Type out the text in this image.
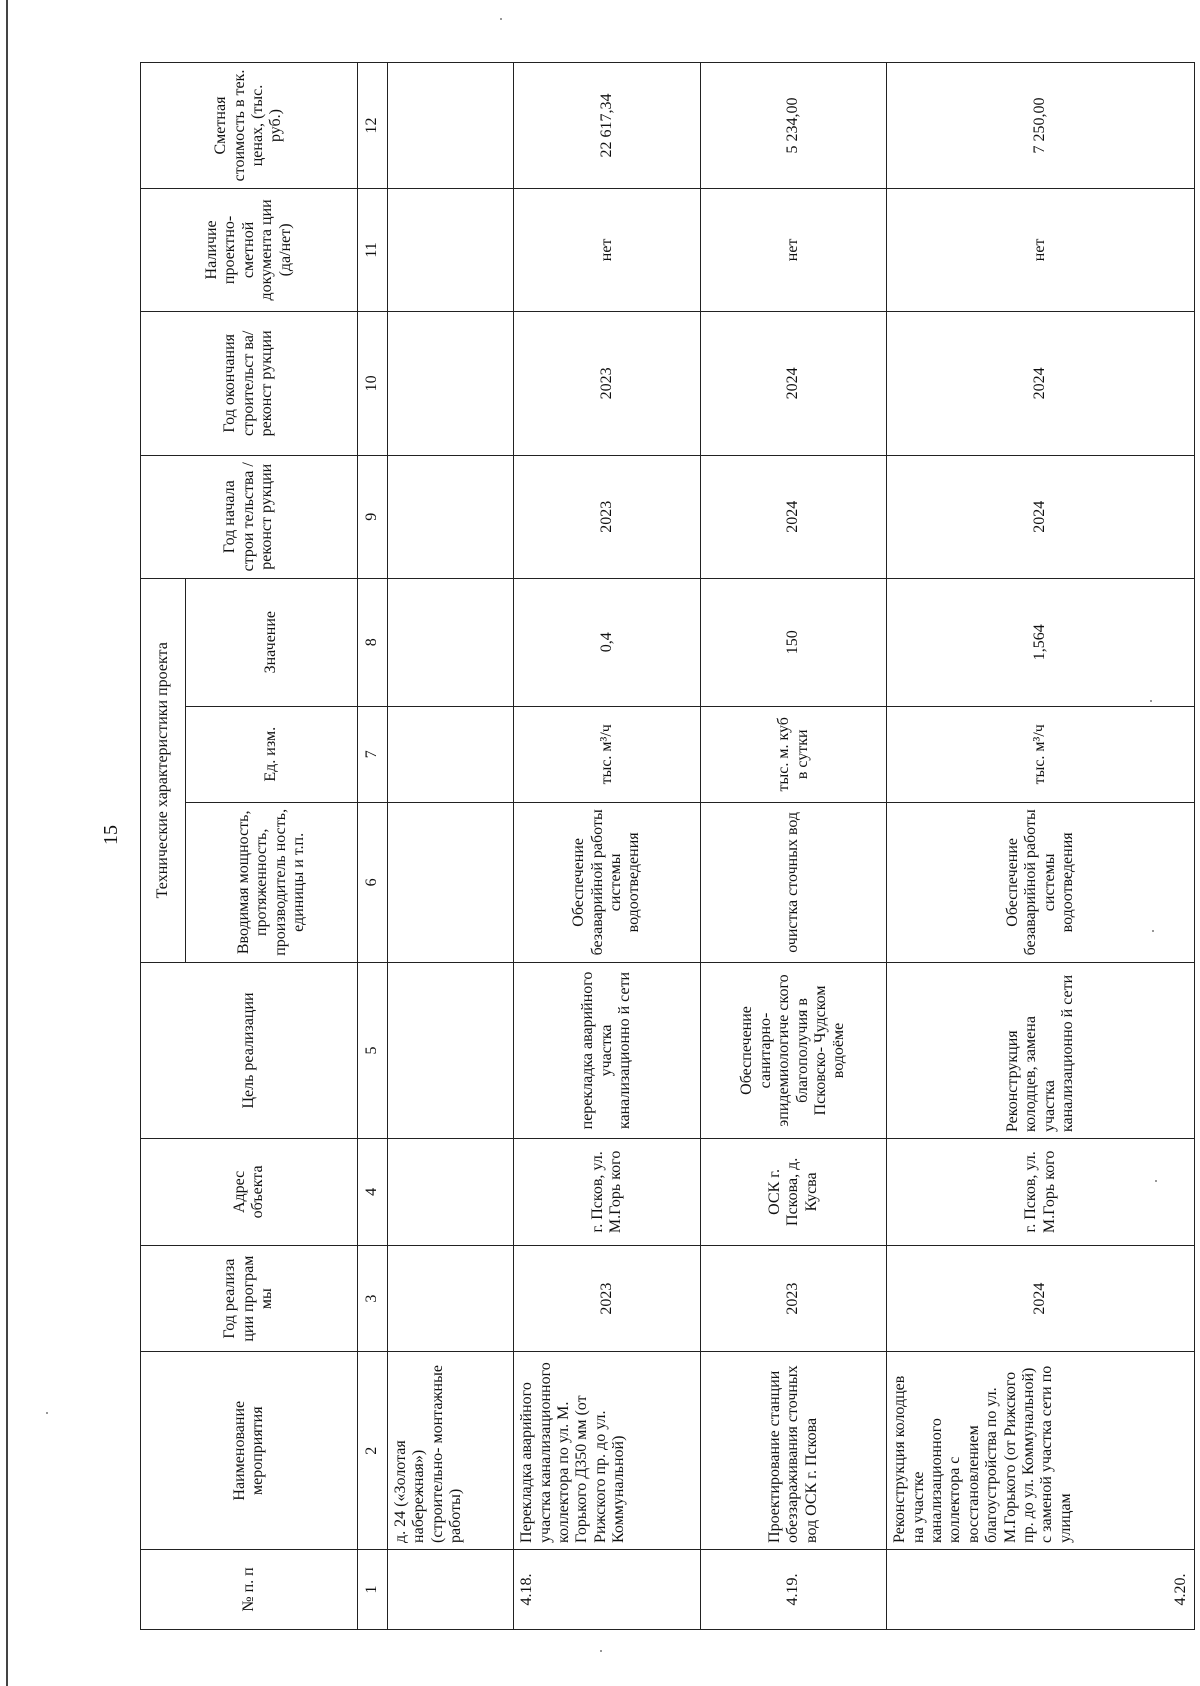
15
№ п. п	Наименование мероприятия	Год реализа ции програм мы	Адрес объекта	Цель реализации	Технические характеристики проекта			Год начала строи тельства /реконст рукции	Год окончания строительст ва/реконст рукции	Наличие проектно- сметной документа ции (да/нет)	Сметная стоимость в тек. ценах, (тыс. руб.)
					Вводимая мощность, протяженность, производитель ность, единицы и т.п.	Ед. изм.	Значение				
1	2	3	4	5	6	7	8	9	10	11	12
	д. 24 («Золотая набережная») (строительно- монтажные работы)										
4.18.	Перекладка аварийного участка канализационного коллектора по ул. М. Горького Д350 мм (от Рижского пр. до ул. Коммунальной)	2023	г. Псков, ул. М.Горь кого	перекладка аварийного участка канализационно й сети	Обеспечение безаварийной работы системы водоотведения	тыс. м³/ч	0,4	2023	2023	нет	22 617,34
4.19.	Проектирование станции обеззараживания сточных вод ОСК г. Пскова	2023	ОСК г. Пскова, д. Кусва	Обеспечение санитарно- эпидемиологиче ского благополучия в Псковско- Чудском водоёме	очистка сточных вод	тыс. м. куб в сутки	150	2024	2024	нет	5 234,00
4.20.	Реконструкция колодцев на участке канализационного коллектора с восстановлением благоустройства по ул. М.Горького (от Рижского пр. до ул. Коммунальной) с заменой участка сети по улицам	2024	г. Псков, ул. М.Горь кого	Реконструкция колодцев, замена участка канализационно й сети	Обеспечение безаварийной работы системы водоотведения	тыс. м³/ч	1,564	2024	2024	нет	7 250,00
